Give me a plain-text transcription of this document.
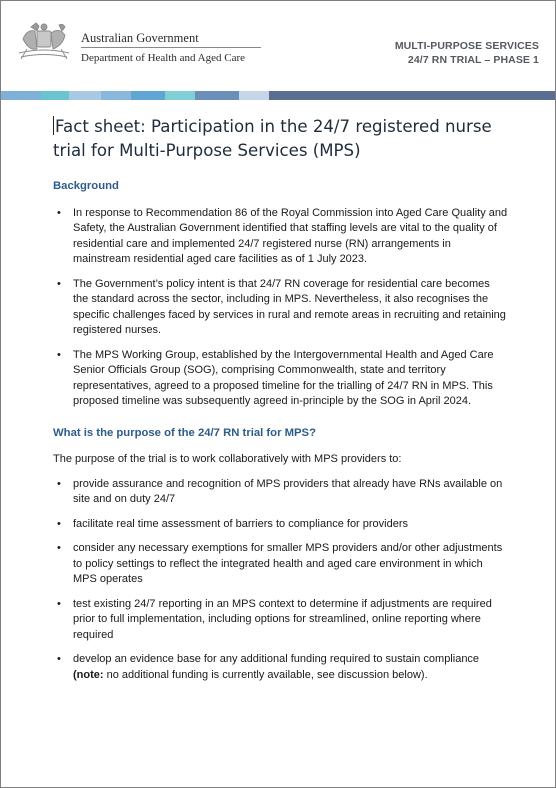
Australian Government
Department of Health and Aged Care
MULTI-PURPOSE SERVICES
24/7 RN TRIAL – PHASE 1
Fact sheet: Participation in the 24/7 registered nurse trial for Multi-Purpose Services (MPS)
Background
• In response to Recommendation 86 of the Royal Commission into Aged Care Quality and Safety, the Australian Government identified that staffing levels are vital to the quality of residential care and implemented 24/7 registered nurse (RN) arrangements in mainstream residential aged care facilities as of 1 July 2023.
• The Government’s policy intent is that 24/7 RN coverage for residential care becomes the standard across the sector, including in MPS. Nevertheless, it also recognises the specific challenges faced by services in rural and remote areas in recruiting and retaining registered nurses.
• The MPS Working Group, established by the Intergovernmental Health and Aged Care Senior Officials Group (SOG), comprising Commonwealth, state and territory representatives, agreed to a proposed timeline for the trialling of 24/7 RN in MPS. This proposed timeline was subsequently agreed in-principle by the SOG in April 2024.
What is the purpose of the 24/7 RN trial for MPS?

The purpose of the trial is to work collaboratively with MPS providers to:

• provide assurance and recognition of MPS providers that already have RNs available on site and on duty 24/7
• facilitate real time assessment of barriers to compliance for providers
• consider any necessary exemptions for smaller MPS providers and/or other adjustments to policy settings to reflect the integrated health and aged care environment in which MPS operates
• test existing 24/7 reporting in an MPS context to determine if adjustments are required prior to full implementation, including options for streamlined, online reporting where required
• develop an evidence base for any additional funding required to sustain compliance (note: no additional funding is currently available, see discussion below).
